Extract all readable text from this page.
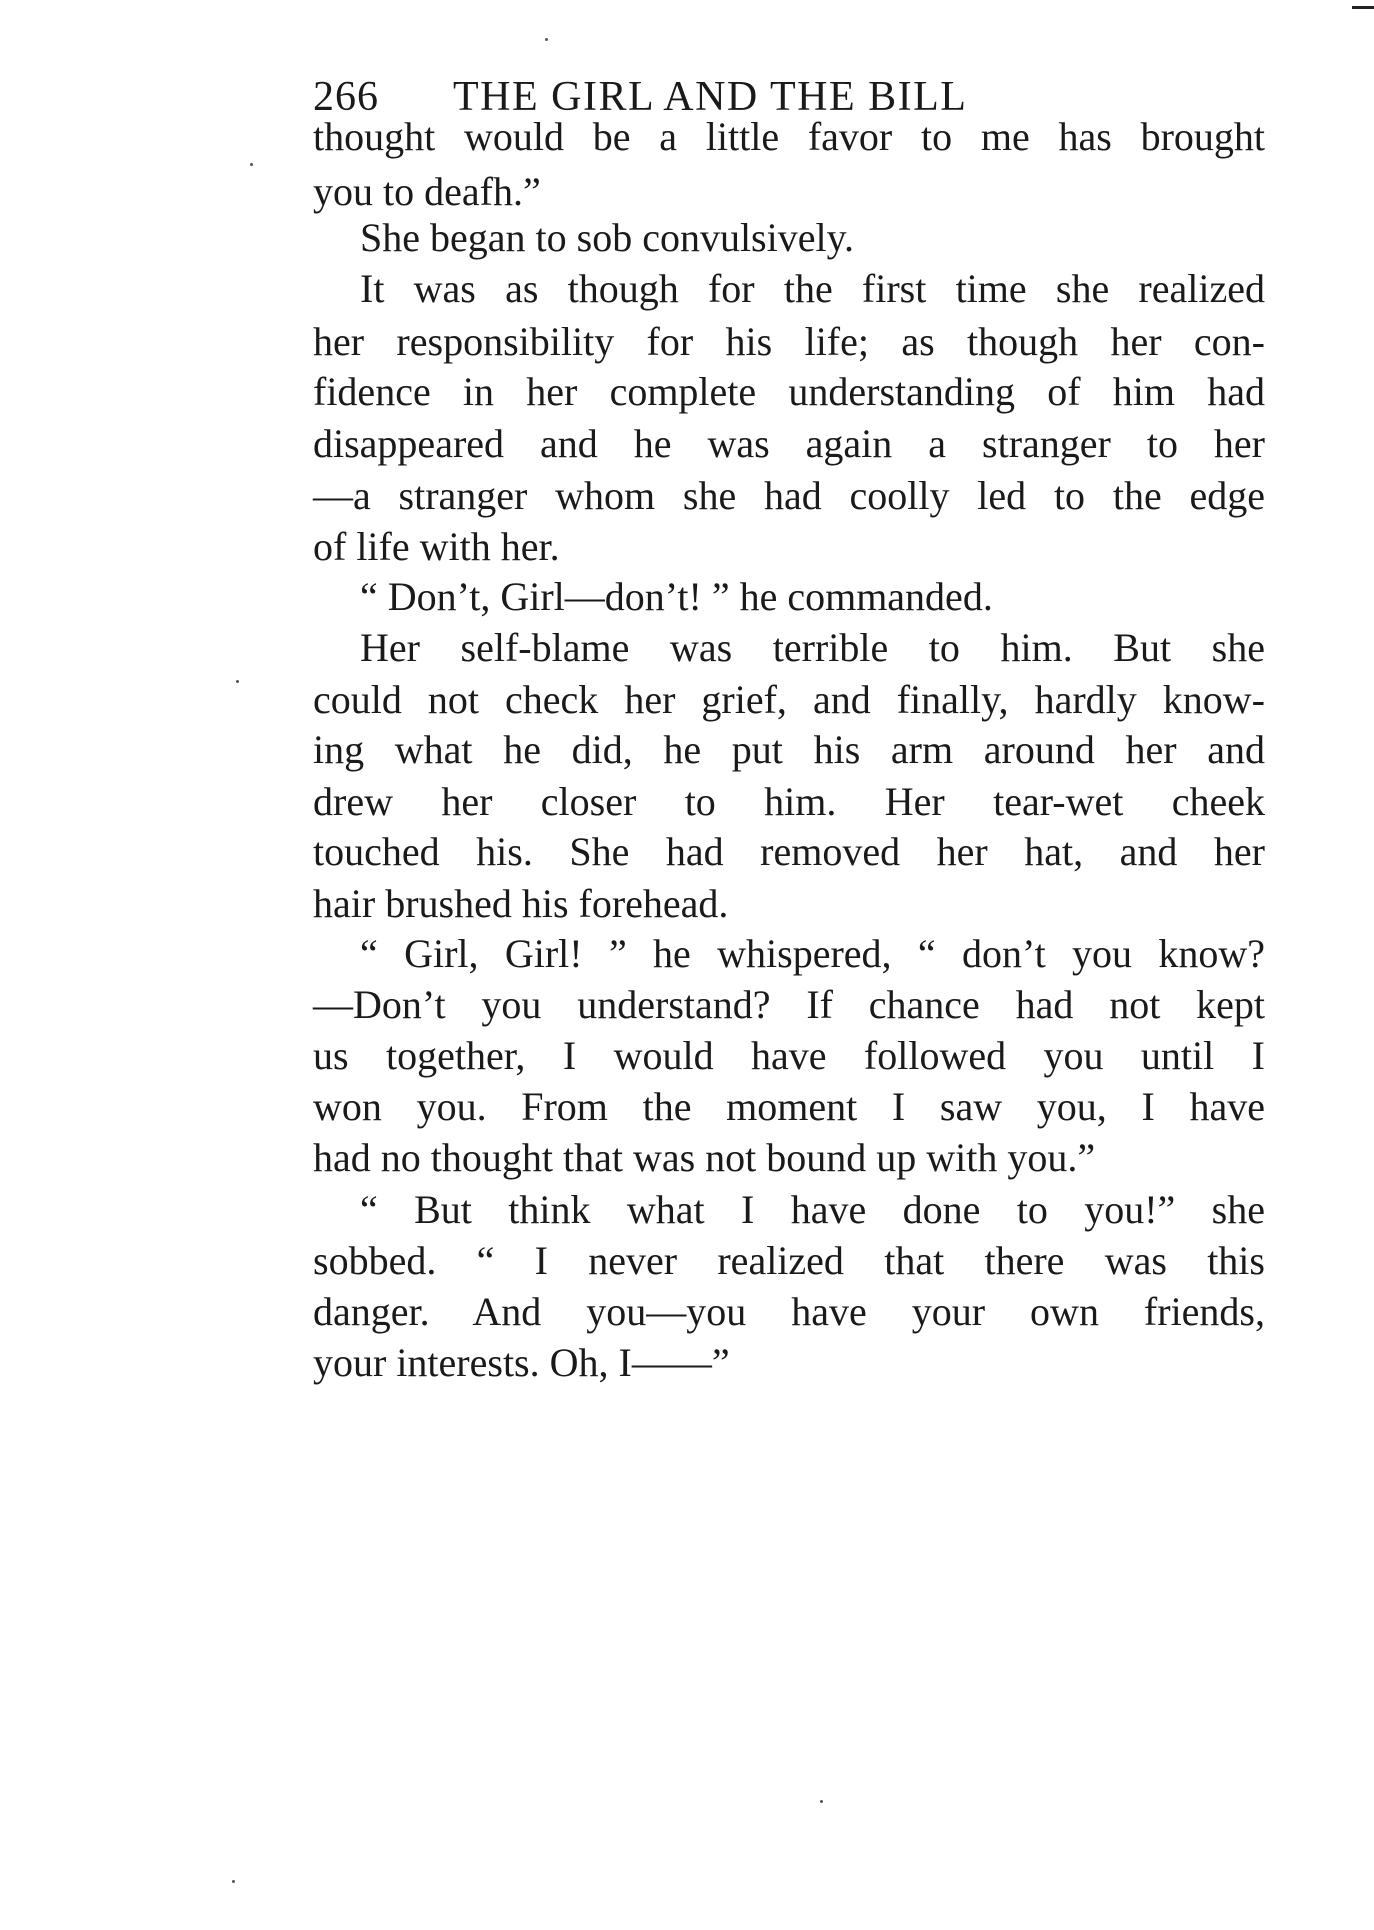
266 THE GIRL AND THE BILL
thought would be a little favor to me has brought
you to deafh.”
She began to sob convulsively.
It was as though for the first time she realized
her responsibility for his life; as though her con-
fidence in her complete understanding of him had
disappeared and he was again a stranger to her
—a stranger whom she had coolly led to the edge
of life with her.
“ Don’t, Girl—don’t! ” he commanded.
Her self-blame was terrible to him. But she
could not check her grief, and finally, hardly know-
ing what he did, he put his arm around her and
drew her closer to him. Her tear-wet cheek
touched his. She had removed her hat, and her
hair brushed his forehead.
“ Girl, Girl! ” he whispered, “ don’t you know?
—Don’t you understand? If chance had not kept
us together, I would have followed you until I
won you. From the moment I saw you, I have
had no thought that was not bound up with you.”
“ But think what I have done to you!” she
sobbed. “ I never realized that there was this
danger. And you—you have your own friends,
your interests. Oh, I——”
